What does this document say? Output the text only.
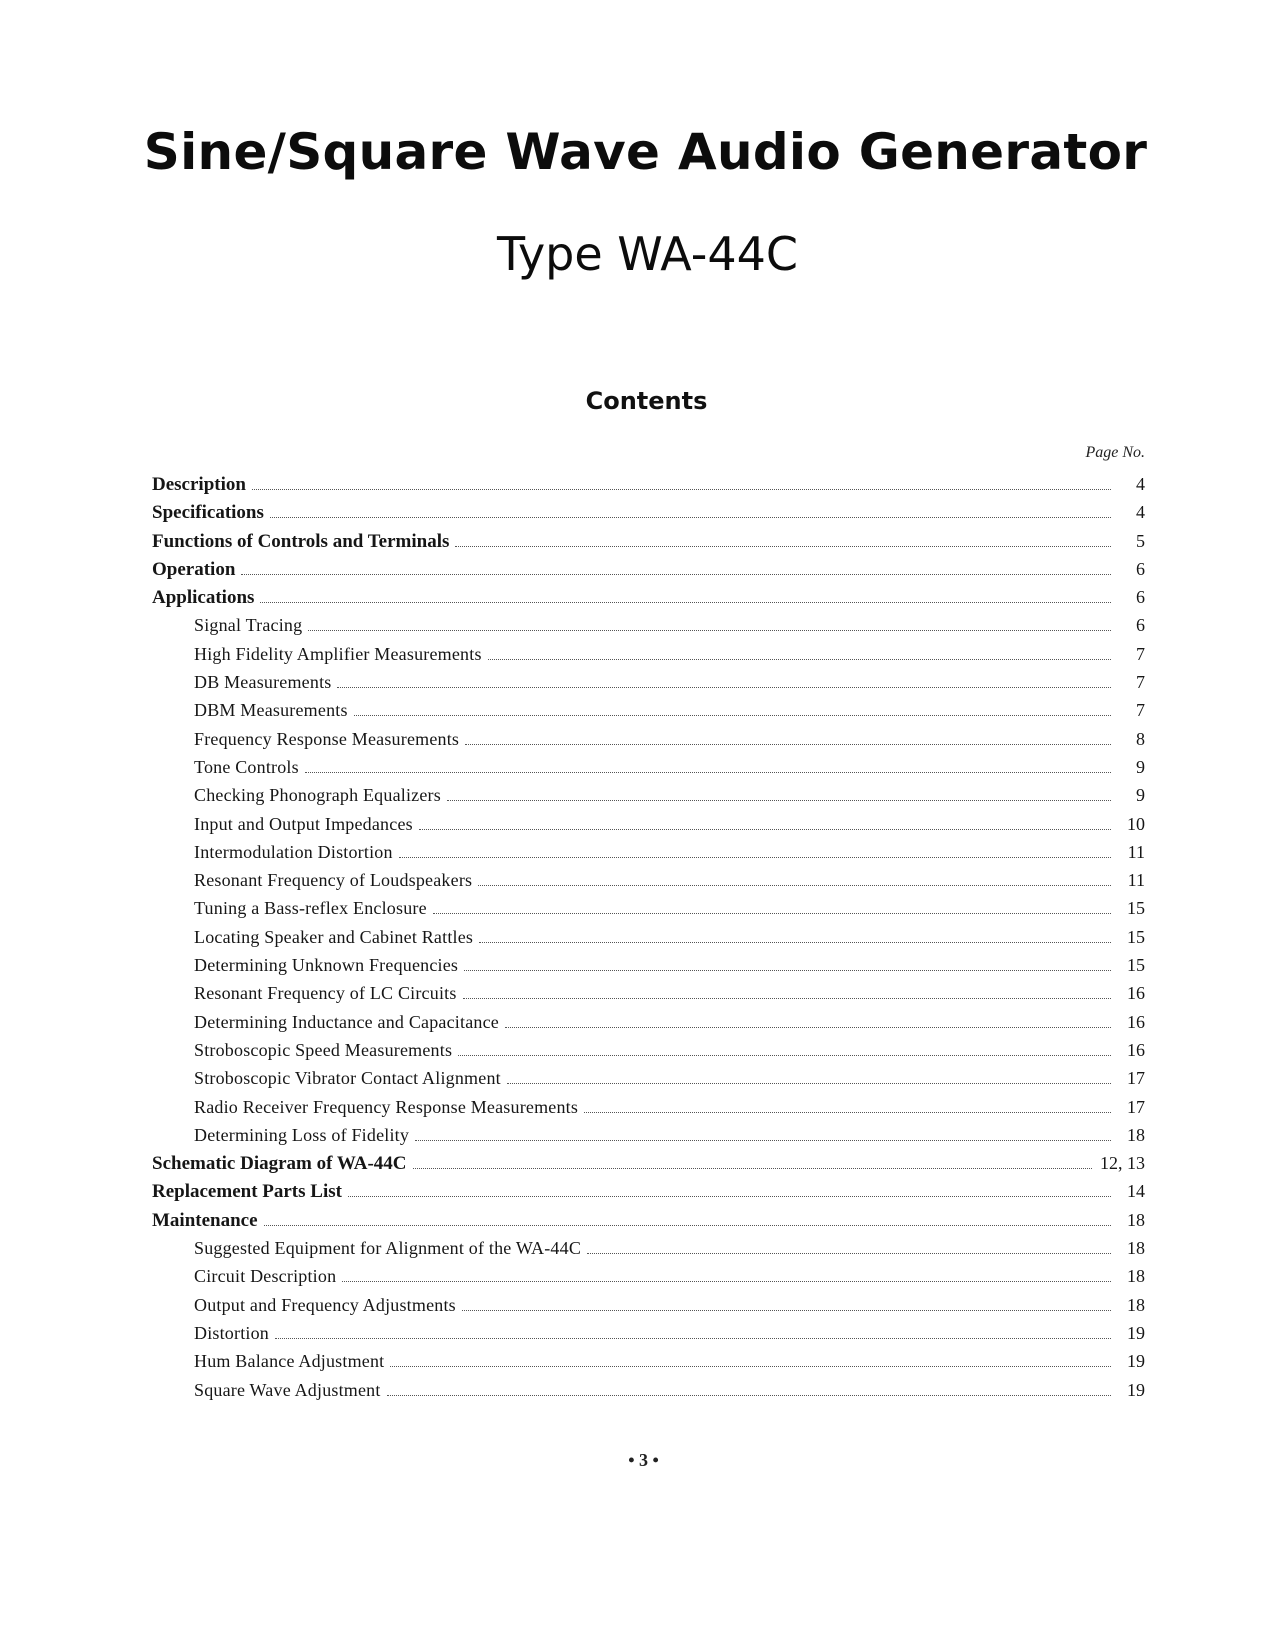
Sine/Square Wave Audio Generator
Type WA-44C
Contents
Page No.
Description	4
Specifications	4
Functions of Controls and Terminals	5
Operation	6
Applications	6
Signal Tracing	6
High Fidelity Amplifier Measurements	7
DB Measurements	7
DBM Measurements	7
Frequency Response Measurements	8
Tone Controls	9
Checking Phonograph Equalizers	9
Input and Output Impedances	10
Intermodulation Distortion	11
Resonant Frequency of Loudspeakers	11
Tuning a Bass-reflex Enclosure	15
Locating Speaker and Cabinet Rattles	15
Determining Unknown Frequencies	15
Resonant Frequency of LC Circuits	16
Determining Inductance and Capacitance	16
Stroboscopic Speed Measurements	16
Stroboscopic Vibrator Contact Alignment	17
Radio Receiver Frequency Response Measurements	17
Determining Loss of Fidelity	18
Schematic Diagram of WA-44C	12, 13
Replacement Parts List	14
Maintenance	18
Suggested Equipment for Alignment of the WA-44C	18
Circuit Description	18
Output and Frequency Adjustments	18
Distortion	19
Hum Balance Adjustment	19
Square Wave Adjustment	19
• 3 •
